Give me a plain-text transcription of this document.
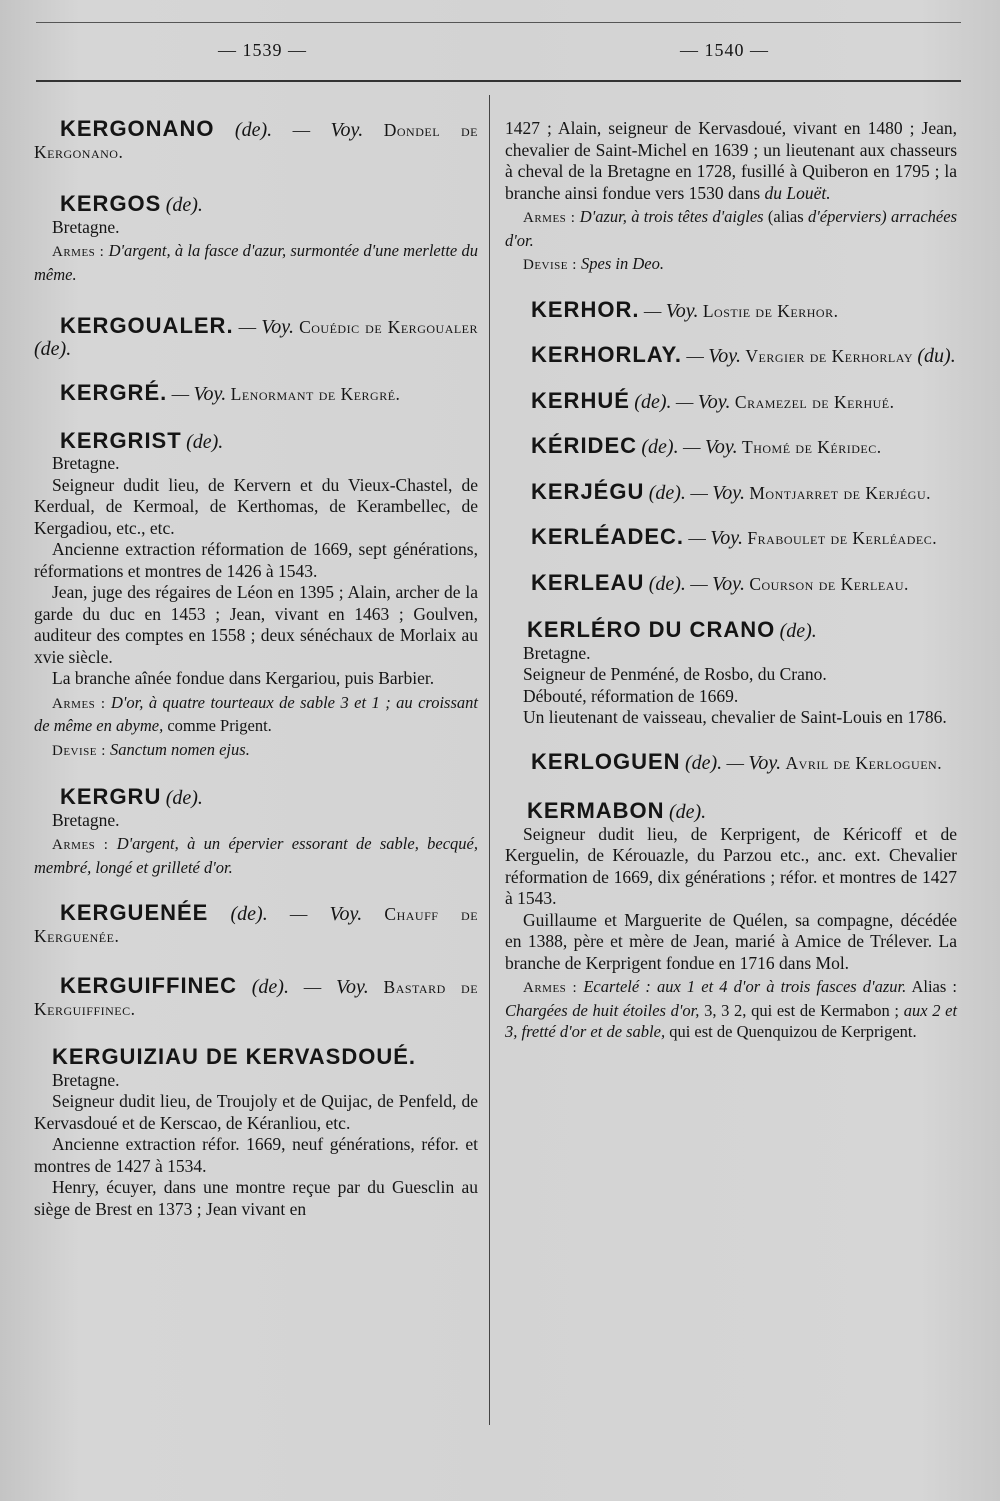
— 1539 —	— 1540 —
KERGONANO (de). — Voy. Dondel de Kergonano.
KERGOS (de).

Bretagne.

Armes : D'argent, à la fasce d'azur, surmontée d'une merlette du même.

KERGOUALER. — Voy. Couédic de Kergoualer (de).
KERGRÉ. — Voy. Lenormant de Kergré.
KERGRIST (de).

Bretagne.

Seigneur dudit lieu, de Kervern et du Vieux-Chastel, de Kerdual, de Kermoal, de Kerthomas, de Kerambellec, de Kergadiou, etc., etc.

Ancienne extraction réformation de 1669, sept générations, réformations et montres de 1426 à 1543.

Jean, juge des régaires de Léon en 1395 ; Alain, archer de la garde du duc en 1453 ; Jean, vivant en 1463 ; Goulven, auditeur des comptes en 1558 ; deux sénéchaux de Morlaix au xvie siècle.

La branche aînée fondue dans Kergariou, puis Barbier.

Armes : D'or, à quatre tourteaux de sable 3 et 1 ; au croissant de même en abyme, comme Prigent.

Devise : Sanctum nomen ejus.

KERGRU (de).

Bretagne.

Armes : D'argent, à un épervier essorant de sable, becqué, membré, longé et grilleté d'or.

KERGUENÉE (de). — Voy. Chauff de Kerguenée.
KERGUIFFINEC (de). — Voy. Bastard de Kerguiffinec.
KERGUIZIAU DE KERVASDOUÉ.

Bretagne.

Seigneur dudit lieu, de Troujoly et de Quijac, de Penfeld, de Kervasdoué et de Kerscao, de Kéranliou, etc.

Ancienne extraction réfor. 1669, neuf générations, réfor. et montres de 1427 à 1534.

Henry, écuyer, dans une montre reçue par du Guesclin au siège de Brest en 1373 ; Jean vivant en

1427 ; Alain, seigneur de Kervasdoué, vivant en 1480 ; Jean, chevalier de Saint-Michel en 1639 ; un lieutenant aux chasseurs à cheval de la Bretagne en 1728, fusillé à Quiberon en 1795 ; la branche ainsi fondue vers 1530 dans du Louët.

Armes : D'azur, à trois têtes d'aigles (alias d'éperviers) arrachées d'or.

Devise : Spes in Deo.

KERHOR. — Voy. Lostie de Kerhor.
KERHORLAY. — Voy. Vergier de Kerhorlay (du).
KERHUÉ (de). — Voy. Cramezel de Kerhué.
KÉRIDEC (de). — Voy. Thomé de Kéridec.
KERJÉGU (de). — Voy. Montjarret de Kerjégu.
KERLÉADEC. — Voy. Fraboulet de Kerléadec.
KERLEAU (de). — Voy. Courson de Kerleau.
KERLÉRO DU CRANO (de).

Bretagne.

Seigneur de Penméné, de Rosbo, du Crano.

Débouté, réformation de 1669.

Un lieutenant de vaisseau, chevalier de Saint-Louis en 1786.

KERLOGUEN (de). — Voy. Avril de Kerloguen.
KERMABON (de).

Seigneur dudit lieu, de Kerprigent, de Kéricoff et de Kerguelin, de Kérouazle, du Parzou etc., anc. ext. Chevalier réformation de 1669, dix générations ; réfor. et montres de 1427 à 1543.

Guillaume et Marguerite de Quélen, sa compagne, décédée en 1388, père et mère de Jean, marié à Amice de Trélever. La branche de Kerprigent fondue en 1716 dans Mol.

Armes : Ecartelé : aux 1 et 4 d'or à trois fasces d'azur. Alias : Chargées de huit étoiles d'or, 3, 3 2, qui est de Kermabon ; aux 2 et 3, fretté d'or et de sable, qui est de Quenquizou de Kerprigent.
